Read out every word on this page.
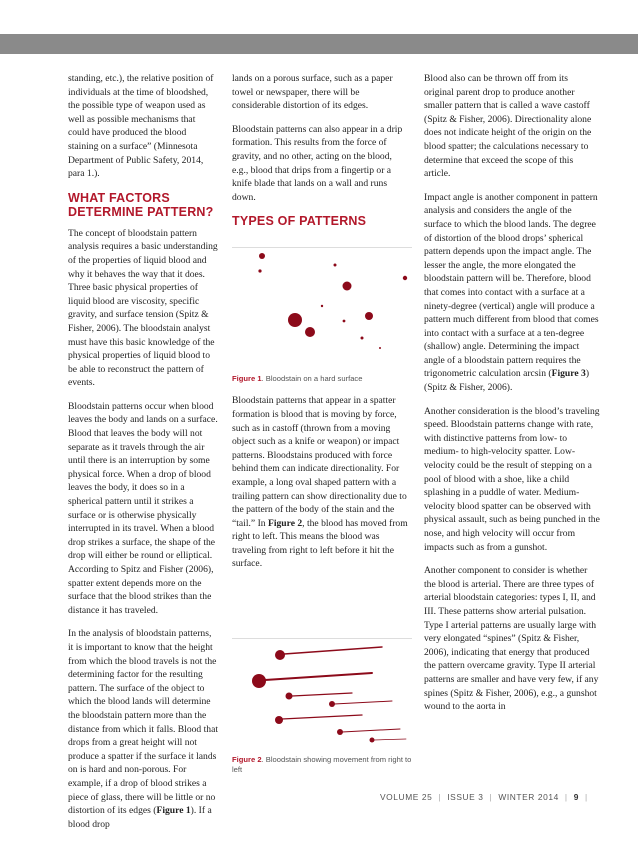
standing, etc.), the relative position of individuals at the time of bloodshed, the possible type of weapon used as well as possible mechanisms that could have produced the blood staining on a surface” (Minnesota Department of Public Safety, 2014, para 1.).

WHAT FACTORS DETERMINE PATTERN?

The concept of bloodstain pattern analysis requires a basic understanding of the properties of liquid blood and why it behaves the way that it does. Three basic physical properties of liquid blood are viscosity, specific gravity, and surface tension (Spitz & Fisher, 2006). The bloodstain analyst must have this basic knowledge of the physical properties of liquid blood to be able to reconstruct the pattern of events.

Bloodstain patterns occur when blood leaves the body and lands on a surface. Blood that leaves the body will not separate as it travels through the air until there is an interruption by some physical force. When a drop of blood leaves the body, it does so in a spherical pattern until it strikes a surface or is otherwise physically interrupted in its travel. When a blood drop strikes a surface, the shape of the drop will either be round or elliptical. According to Spitz and Fisher (2006), spatter extent depends more on the surface that the blood strikes than the distance it has traveled.

In the analysis of bloodstain patterns, it is important to know that the height from which the blood travels is not the determining factor for the resulting pattern. The surface of the object to which the blood lands will determine the bloodstain pattern more than the distance from which it falls. Blood that drops from a great height will not produce a spatter if the surface it lands on is hard and non-porous. For example, if a drop of blood strikes a piece of glass, there will be little or no distortion of its edges (Figure 1). If a blood drop

lands on a porous surface, such as a paper towel or newspaper, there will be considerable distortion of its edges.

Bloodstain patterns can also appear in a drip formation. This results from the force of gravity, and no other, acting on the blood, e.g., blood that drips from a fingertip or a knife blade that lands on a wall and runs down.

TYPES OF PATTERNS

Bloodstain patterns that appear in a spatter formation is blood that is moving by force, such as in castoff (thrown from a moving object such as a knife or weapon) or impact patterns. Bloodstains produced with force behind them can indicate directionality. For example, a long oval shaped pattern with a trailing pattern can show directionality due to the pattern of the body of the stain and the “tail.” In Figure 2, the blood has moved from right to left. This means the blood was traveling from right to left before it hit the surface.

Figure 1. Bloodstain on a hard surface
Figure 2. Bloodstain showing movement from right to left

Blood also can be thrown off from its original parent drop to produce another smaller pattern that is called a wave castoff (Spitz & Fisher, 2006). Directionality alone does not indicate height of the origin on the blood spatter; the calculations necessary to determine that exceed the scope of this article.

Impact angle is another component in pattern analysis and considers the angle of the surface to which the blood lands. The degree of distortion of the blood drops’ spherical pattern depends upon the impact angle. The lesser the angle, the more elongated the bloodstain pattern will be. Therefore, blood that comes into contact with a surface at a ninety-degree (vertical) angle will produce a pattern much different from blood that comes into contact with a surface at a ten-degree (shallow) angle. Determining the impact angle of a bloodstain pattern requires the trigonometric calculation arcsin (Figure 3) (Spitz & Fisher, 2006).

Another consideration is the blood’s traveling speed. Bloodstain patterns change with rate, with distinctive patterns from low- to medium- to high-velocity spatter. Low-velocity could be the result of stepping on a pool of blood with a shoe, like a child splashing in a puddle of water. Medium-velocity blood spatter can be observed with physical assault, such as being punched in the nose, and high velocity will occur from impacts such as from a gunshot.

Another component to consider is whether the blood is arterial. There are three types of arterial bloodstain categories: types I, II, and III. These patterns show arterial pulsation. Type I arterial patterns are usually large with very elongated “spines” (Spitz & Fisher, 2006), indicating that energy that produced the pattern overcame gravity. Type II arterial patterns are smaller and have very few, if any spines (Spitz & Fisher, 2006), e.g., a gunshot wound to the aorta in

VOLUME 25 | ISSUE 3 | WINTER 2014 | 9 |
